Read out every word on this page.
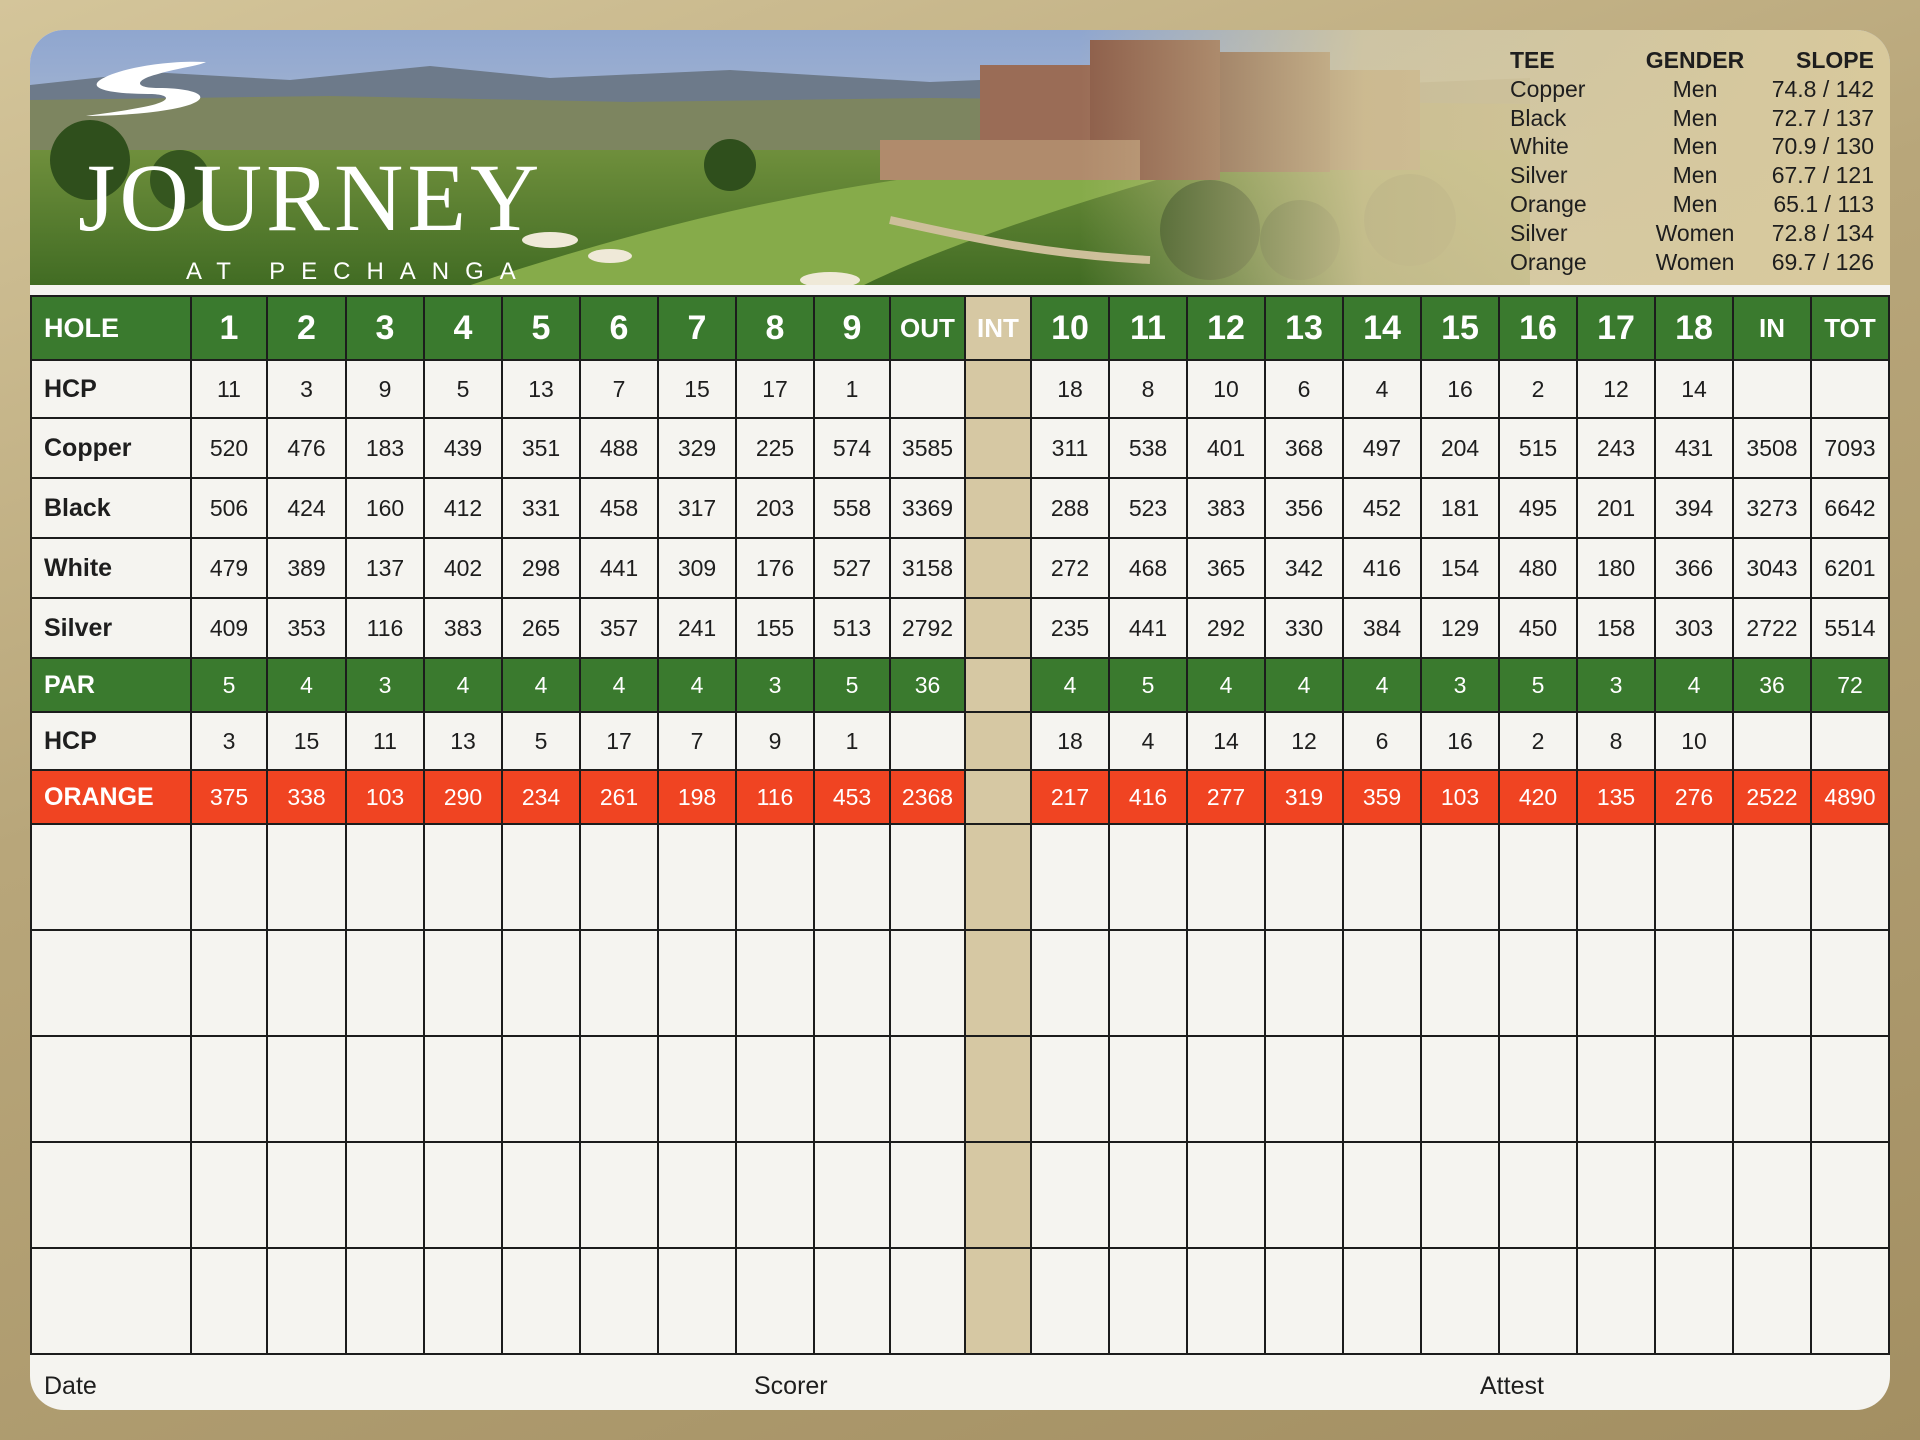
JOURNEY
AT PECHANGA
TEE	GENDER	SLOPE
Copper	Men	74.8 / 142
Black	Men	72.7 / 137
White	Men	70.9 / 130
Silver	Men	67.7 / 121
Orange	Men	65.1 / 113
Silver	Women	72.8 / 134
Orange	Women	69.7 / 126
HOLE	1	2	3	4	5	6	7	8	9	OUT	INT	10	11	12	13	14	15	16	17	18	IN	TOT
HCP	11	3	9	5	13	7	15	17	1			18	8	10	6	4	16	2	12	14		
Copper	520	476	183	439	351	488	329	225	574	3585		311	538	401	368	497	204	515	243	431	3508	7093
Black	506	424	160	412	331	458	317	203	558	3369		288	523	383	356	452	181	495	201	394	3273	6642
White	479	389	137	402	298	441	309	176	527	3158		272	468	365	342	416	154	480	180	366	3043	6201
Silver	409	353	116	383	265	357	241	155	513	2792		235	441	292	330	384	129	450	158	303	2722	5514
PAR	5	4	3	4	4	4	4	3	5	36		4	5	4	4	4	3	5	3	4	36	72
HCP	3	15	11	13	5	17	7	9	1			18	4	14	12	6	16	2	8	10		
ORANGE	375	338	103	290	234	261	198	116	453	2368		217	416	277	319	359	103	420	135	276	2522	4890

Date	Scorer	Attest
